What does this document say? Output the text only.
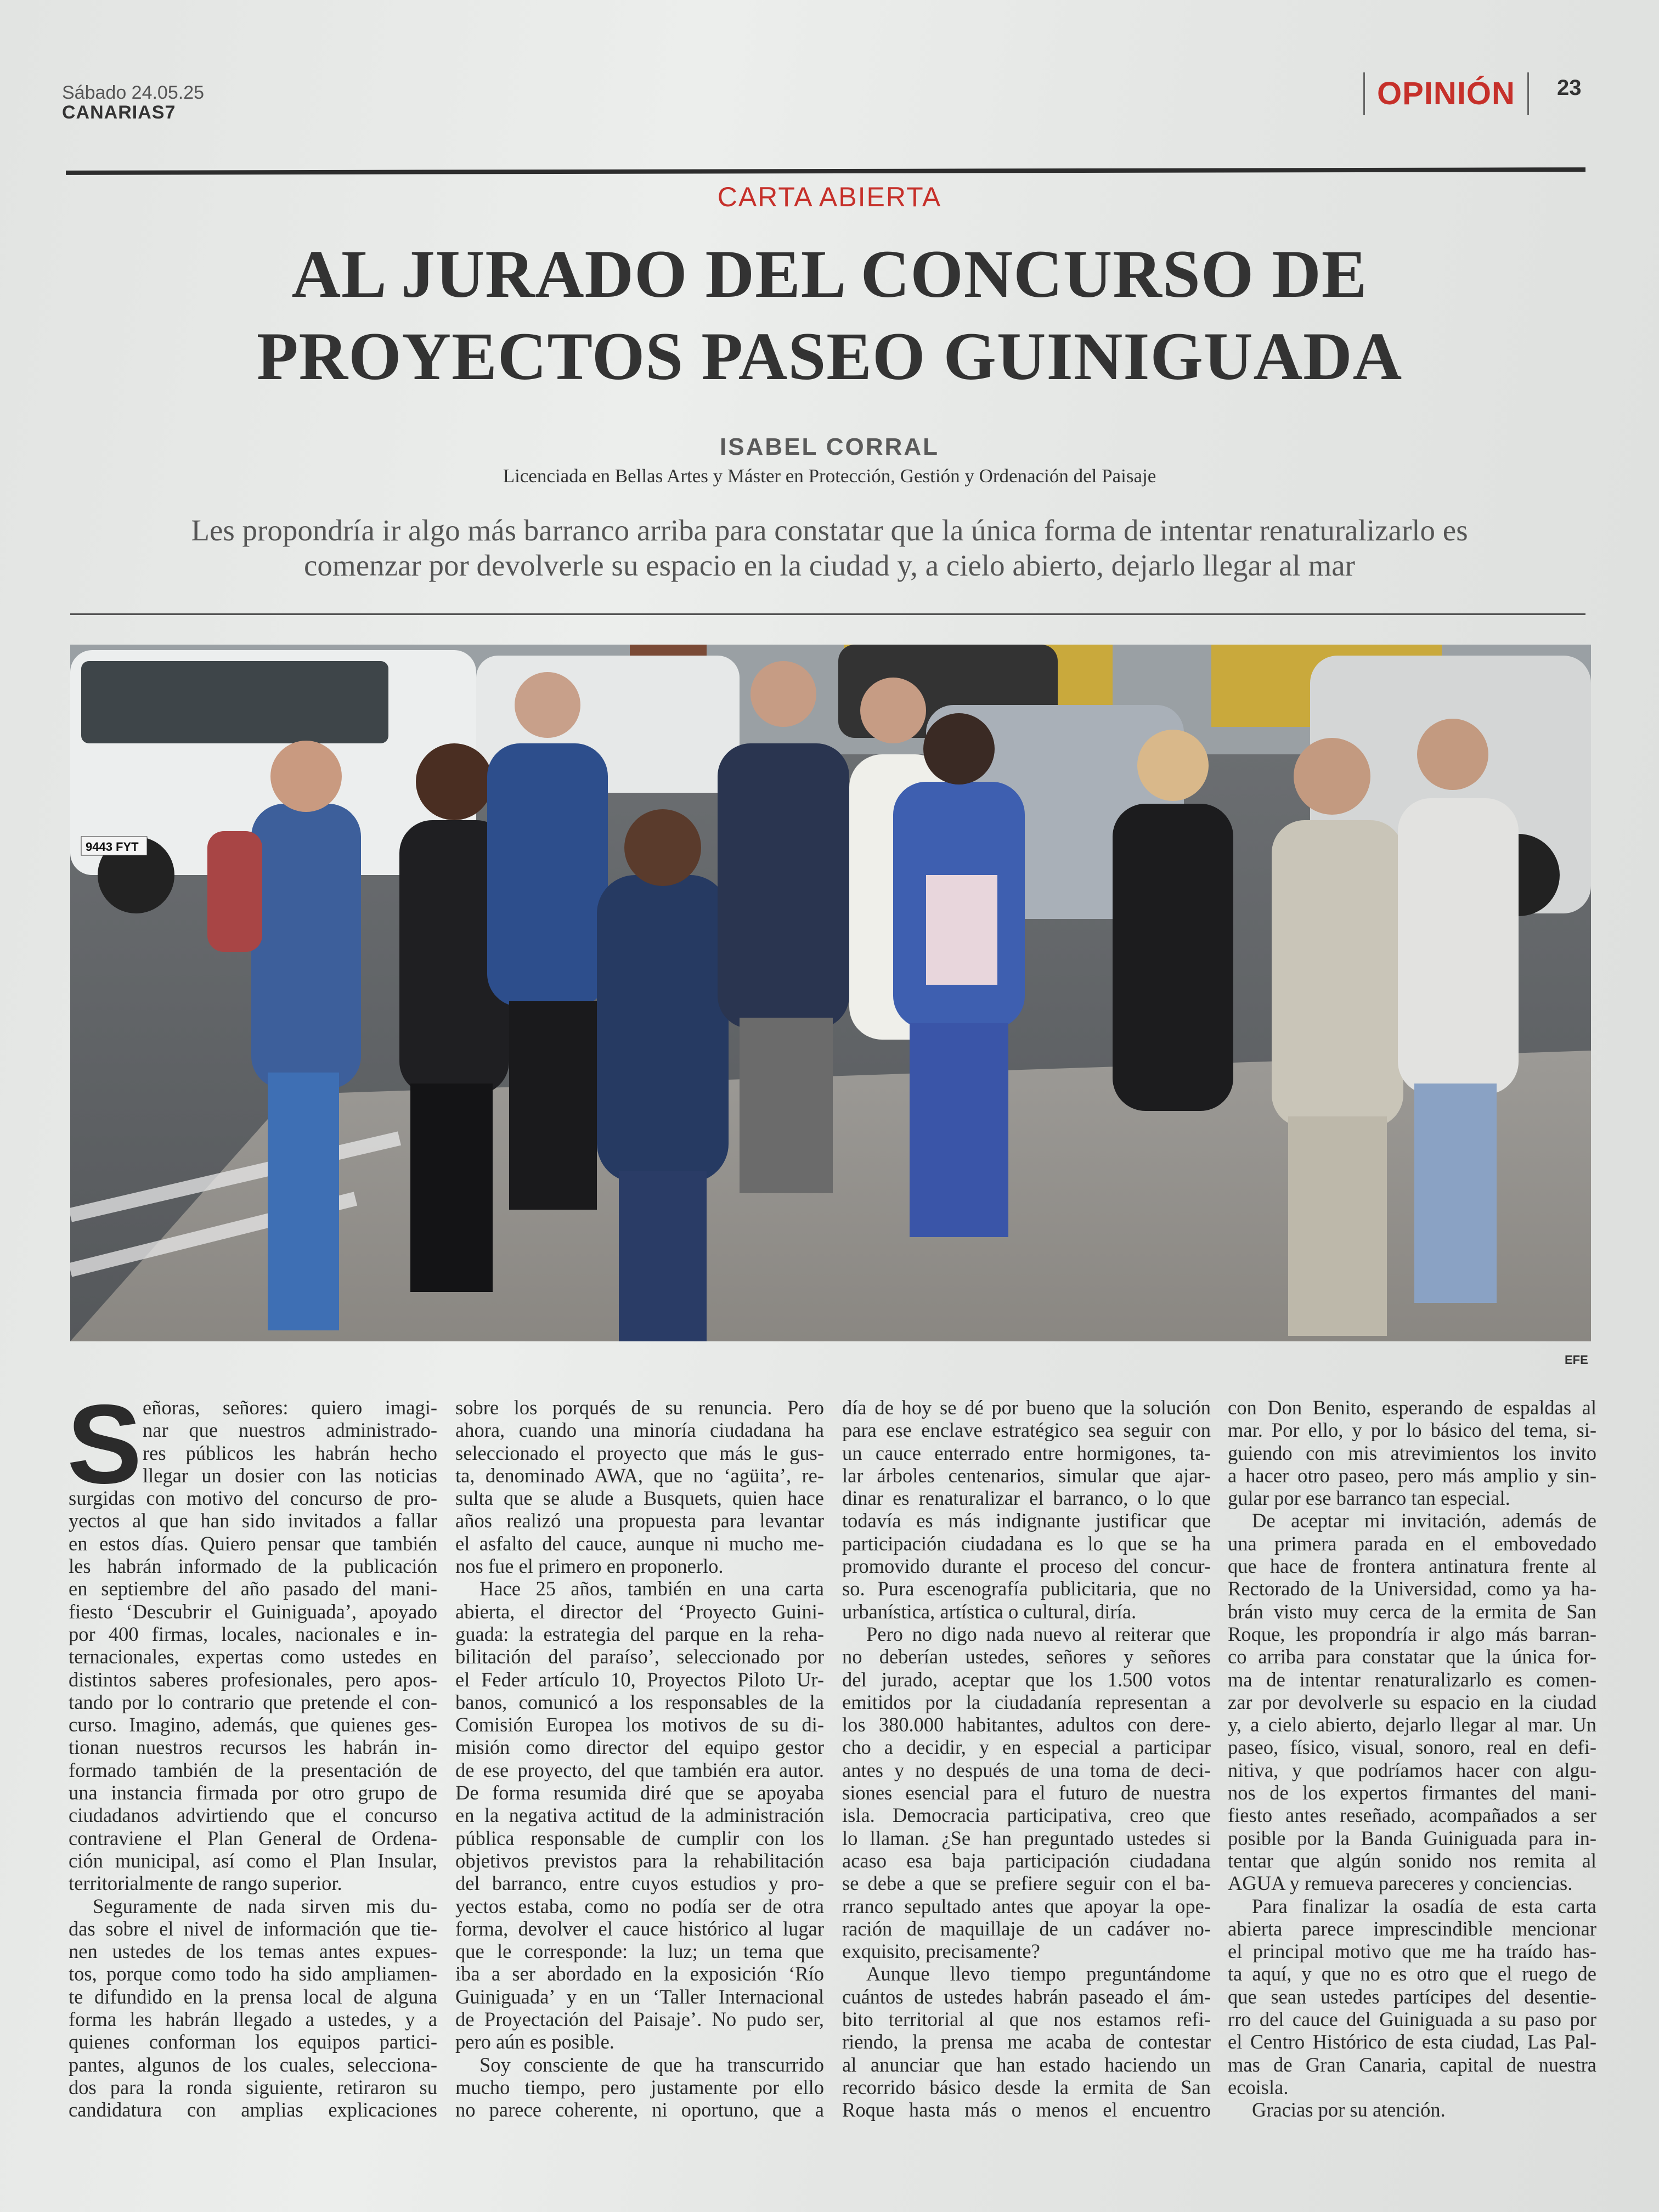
Sábado 24.05.25
CANARIAS7
OPINIÓN	23
CARTA ABIERTA
AL JURADO DEL CONCURSO DE
PROYECTOS PASEO GUINIGUADA
ISABEL CORRAL
Licenciada en Bellas Artes y Máster en Protección, Gestión y Ordenación del Paisaje
Les propondría ir algo más barranco arriba para constatar que la única forma de intentar renaturalizarlo es
comenzar por devolverle su espacio en la ciudad y, a cielo abierto, dejarlo llegar al mar
9443 FYT
EFE
S eñoras, señores: quiero imagi-
nar que nuestros administrado-
res públicos les habrán hecho
llegar un dosier con las noticias
surgidas con motivo del concurso de pro-
yectos al que han sido invitados a fallar
en estos días. Quiero pensar que también
les habrán informado de la publicación
en septiembre del año pasado del mani-
fiesto ‘Descubrir el Guiniguada’, apoyado
por 400 firmas, locales, nacionales e in-
ternacionales, expertas como ustedes en
distintos saberes profesionales, pero apos-
tando por lo contrario que pretende el con-
curso. Imagino, además, que quienes ges-
tionan nuestros recursos les habrán in-
formado también de la presentación de
una instancia firmada por otro grupo de
ciudadanos advirtiendo que el concurso
contraviene el Plan General de Ordena-
ción municipal, así como el Plan Insular,
territorialmente de rango superior.
Seguramente de nada sirven mis du-
das sobre el nivel de información que tie-
nen ustedes de los temas antes expues-
tos, porque como todo ha sido ampliamen-
te difundido en la prensa local de alguna
forma les habrán llegado a ustedes, y a
quienes conforman los equipos partici-
pantes, algunos de los cuales, selecciona-
dos para la ronda siguiente, retiraron su
candidatura con amplias explicaciones
sobre los porqués de su renuncia. Pero
ahora, cuando una minoría ciudadana ha
seleccionado el proyecto que más le gus-
ta, denominado AWA, que no ‘agüita’, re-
sulta que se alude a Busquets, quien hace
años realizó una propuesta para levantar
el asfalto del cauce, aunque ni mucho me-
nos fue el primero en proponerlo.
Hace 25 años, también en una carta
abierta, el director del ‘Proyecto Guini-
guada: la estrategia del parque en la reha-
bilitación del paraíso’, seleccionado por
el Feder artículo 10, Proyectos Piloto Ur-
banos, comunicó a los responsables de la
Comisión Europea los motivos de su di-
misión como director del equipo gestor
de ese proyecto, del que también era autor.
De forma resumida diré que se apoyaba
en la negativa actitud de la administración
pública responsable de cumplir con los
objetivos previstos para la rehabilitación
del barranco, entre cuyos estudios y pro-
yectos estaba, como no podía ser de otra
forma, devolver el cauce histórico al lugar
que le corresponde: la luz; un tema que
iba a ser abordado en la exposición ‘Río
Guiniguada’ y en un ‘Taller Internacional
de Proyectación del Paisaje’. No pudo ser,
pero aún es posible.
Soy consciente de que ha transcurrido
mucho tiempo, pero justamente por ello
no parece coherente, ni oportuno, que a
día de hoy se dé por bueno que la solución
para ese enclave estratégico sea seguir con
un cauce enterrado entre hormigones, ta-
lar árboles centenarios, simular que ajar-
dinar es renaturalizar el barranco, o lo que
todavía es más indignante justificar que
participación ciudadana es lo que se ha
promovido durante el proceso del concur-
so. Pura escenografía publicitaria, que no
urbanística, artística o cultural, diría.
Pero no digo nada nuevo al reiterar que
no deberían ustedes, señores y señores
del jurado, aceptar que los 1.500 votos
emitidos por la ciudadanía representan a
los 380.000 habitantes, adultos con dere-
cho a decidir, y en especial a participar
antes y no después de una toma de deci-
siones esencial para el futuro de nuestra
isla. Democracia participativa, creo que
lo llaman. ¿Se han preguntado ustedes si
acaso esa baja participación ciudadana
se debe a que se prefiere seguir con el ba-
rranco sepultado antes que apoyar la ope-
ración de maquillaje de un cadáver no-
exquisito, precisamente?
Aunque llevo tiempo preguntándome
cuántos de ustedes habrán paseado el ám-
bito territorial al que nos estamos refi-
riendo, la prensa me acaba de contestar
al anunciar que han estado haciendo un
recorrido básico desde la ermita de San
Roque hasta más o menos el encuentro
con Don Benito, esperando de espaldas al
mar. Por ello, y por lo básico del tema, si-
guiendo con mis atrevimientos los invito
a hacer otro paseo, pero más amplio y sin-
gular por ese barranco tan especial.
De aceptar mi invitación, además de
una primera parada en el embovedado
que hace de frontera antinatura frente al
Rectorado de la Universidad, como ya ha-
brán visto muy cerca de la ermita de San
Roque, les propondría ir algo más barran-
co arriba para constatar que la única for-
ma de intentar renaturalizarlo es comen-
zar por devolverle su espacio en la ciudad
y, a cielo abierto, dejarlo llegar al mar. Un
paseo, físico, visual, sonoro, real en defi-
nitiva, y que podríamos hacer con algu-
nos de los expertos firmantes del mani-
fiesto antes reseñado, acompañados a ser
posible por la Banda Guiniguada para in-
tentar que algún sonido nos remita al
AGUA y remueva pareceres y conciencias.
Para finalizar la osadía de esta carta
abierta parece imprescindible mencionar
el principal motivo que me ha traído has-
ta aquí, y que no es otro que el ruego de
que sean ustedes partícipes del desentie-
rro del cauce del Guiniguada a su paso por
el Centro Histórico de esta ciudad, Las Pal-
mas de Gran Canaria, capital de nuestra
ecoisla.
Gracias por su atención.
